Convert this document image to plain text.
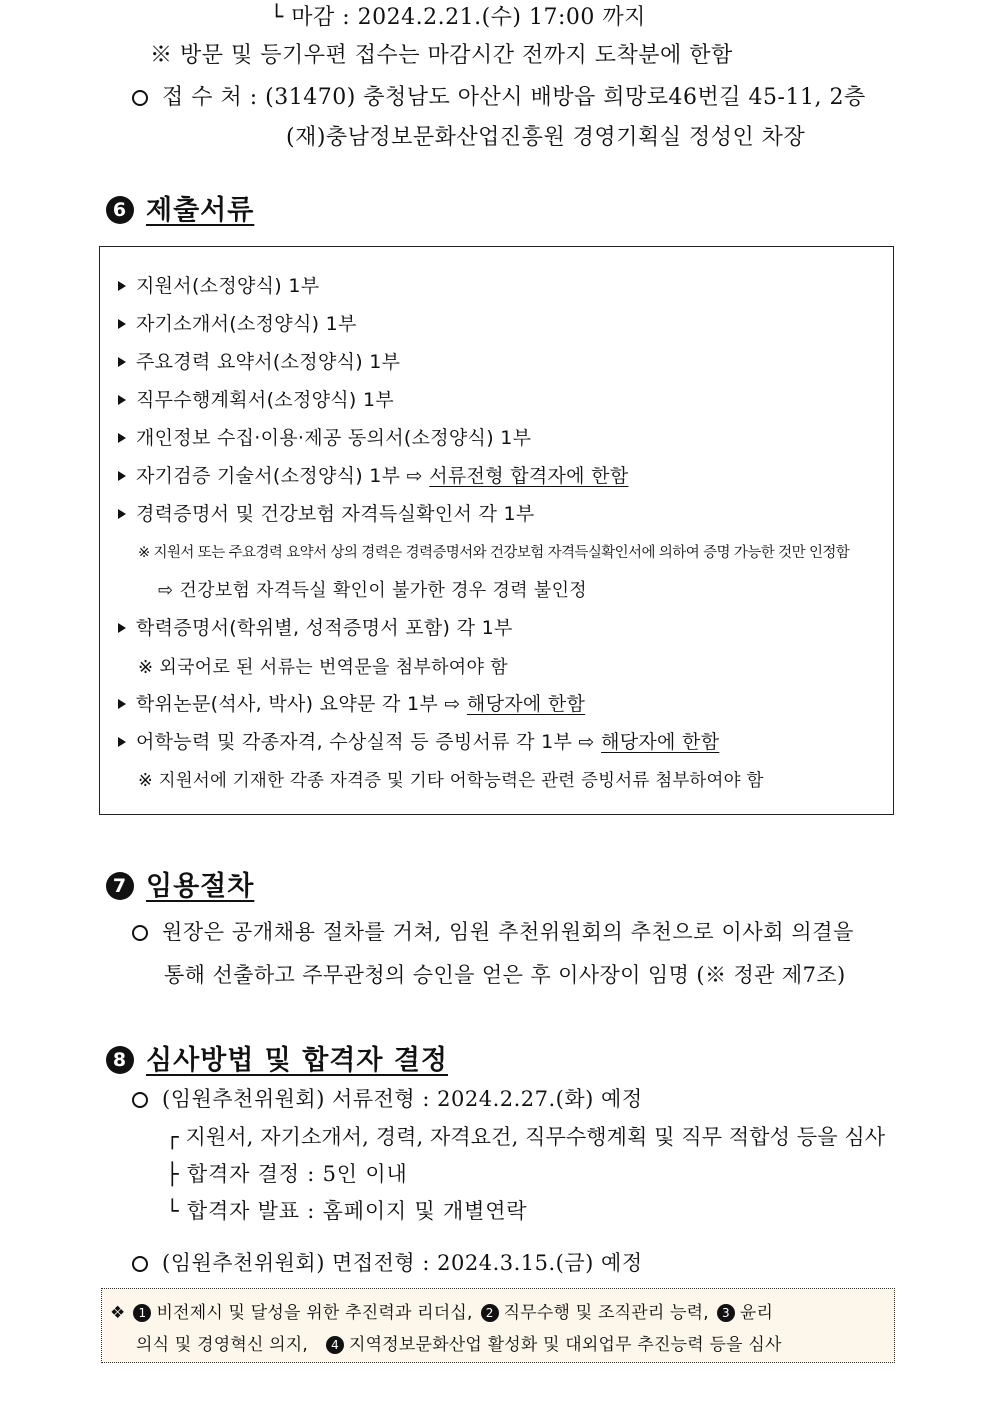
└ 마감 : 2024.2.21.(수) 17:00 까지
※ 방문 및 등기우편 접수는 마감시간 전까지 도착분에 한함
접 수 처 : (31470) 충청남도 아산시 배방읍 희망로46번길 45-11, 2층
(재)충남정보문화산업진흥원 경영기획실 정성인 차장
6 제출서류
지원서(소정양식) 1부
자기소개서(소정양식) 1부
주요경력 요약서(소정양식) 1부
직무수행계획서(소정양식) 1부
개인정보 수집·이용·제공 동의서(소정양식) 1부
자기검증 기술서(소정양식) 1부 ⇨ 서류전형 합격자에 한함
경력증명서 및 건강보험 자격득실확인서 각 1부
※ 지원서 또는 주요경력 요약서 상의 경력은 경력증명서와 건강보험 자격득실확인서에 의하여 증명 가능한 것만 인정함
⇨ 건강보험 자격득실 확인이 불가한 경우 경력 불인정
학력증명서(학위별, 성적증명서 포함) 각 1부
※ 외국어로 된 서류는 번역문을 첨부하여야 함
학위논문(석사, 박사) 요약문 각 1부 ⇨ 해당자에 한함
어학능력 및 각종자격, 수상실적 등 증빙서류 각 1부 ⇨ 해당자에 한함
※ 지원서에 기재한 각종 자격증 및 기타 어학능력은 관련 증빙서류 첨부하여야 함
7 임용절차
원장은 공개채용 절차를 거쳐, 임원 추천위원회의 추천으로 이사회 의결을
통해 선출하고 주무관청의 승인을 얻은 후 이사장이 임명 (※ 정관 제7조)
8 심사방법 및 합격자 결정
(임원추천위원회) 서류전형 : 2024.2.27.(화) 예정
┌ 지원서, 자기소개서, 경력, 자격요건, 직무수행계획 및 직무 적합성 등을 심사
├ 합격자 결정 : 5인 이내
└ 합격자 발표 : 홈페이지 및 개별연락
(임원추천위원회) 면접전형 : 2024.3.15.(금) 예정
❖ 1 비전제시 및 달성을 위한 추진력과 리더십, 2 직무수행 및 조직관리 능력, 3 윤리
의식 및 경영혁신 의지, 4 지역정보문화산업 활성화 및 대외업무 추진능력 등을 심사
